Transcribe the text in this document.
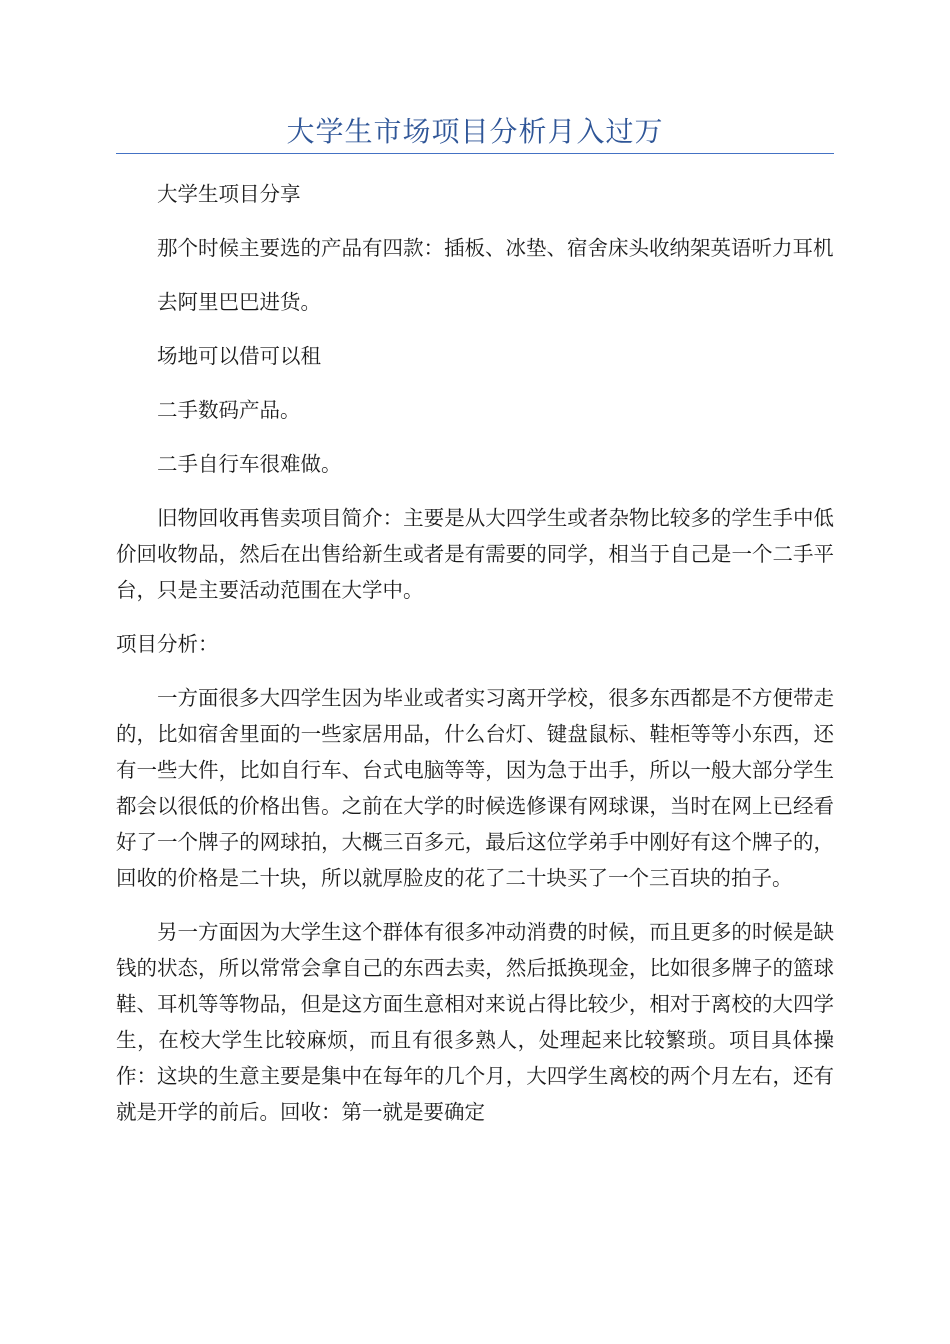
大学生市场项目分析月入过万

大学生项目分享

那个时候主要选的产品有四款：插板、冰垫、宿舍床头收纳架英语听力耳机

去阿里巴巴进货。

场地可以借可以租

二手数码产品。

二手自行车很难做。

旧物回收再售卖项目简介：主要是从大四学生或者杂物比较多的学生手中低价回收物品，然后在出售给新生或者是有需要的同学，相当于自己是一个二手平台，只是主要活动范围在大学中。

项目分析：

一方面很多大四学生因为毕业或者实习离开学校，很多东西都是不方便带走的，比如宿舍里面的一些家居用品，什么台灯、键盘鼠标、鞋柜等等小东西，还有一些大件，比如自行车、台式电脑等等，因为急于出手，所以一般大部分学生都会以很低的价格出售。之前在大学的时候选修课有网球课，当时在网上已经看好了一个牌子的网球拍，大概三百多元，最后这位学弟手中刚好有这个牌子的，回收的价格是二十块，所以就厚脸皮的花了二十块买了一个三百块的拍子。

另一方面因为大学生这个群体有很多冲动消费的时候，而且更多的时候是缺钱的状态，所以常常会拿自己的东西去卖，然后抵换现金，比如很多牌子的篮球鞋、耳机等等物品，但是这方面生意相对来说占得比较少，相对于离校的大四学生，在校大学生比较麻烦，而且有很多熟人，处理起来比较繁琐。项目具体操作：这块的生意主要是集中在每年的几个月，大四学生离校的两个月左右，还有就是开学的前后。回收：第一就是要确定
